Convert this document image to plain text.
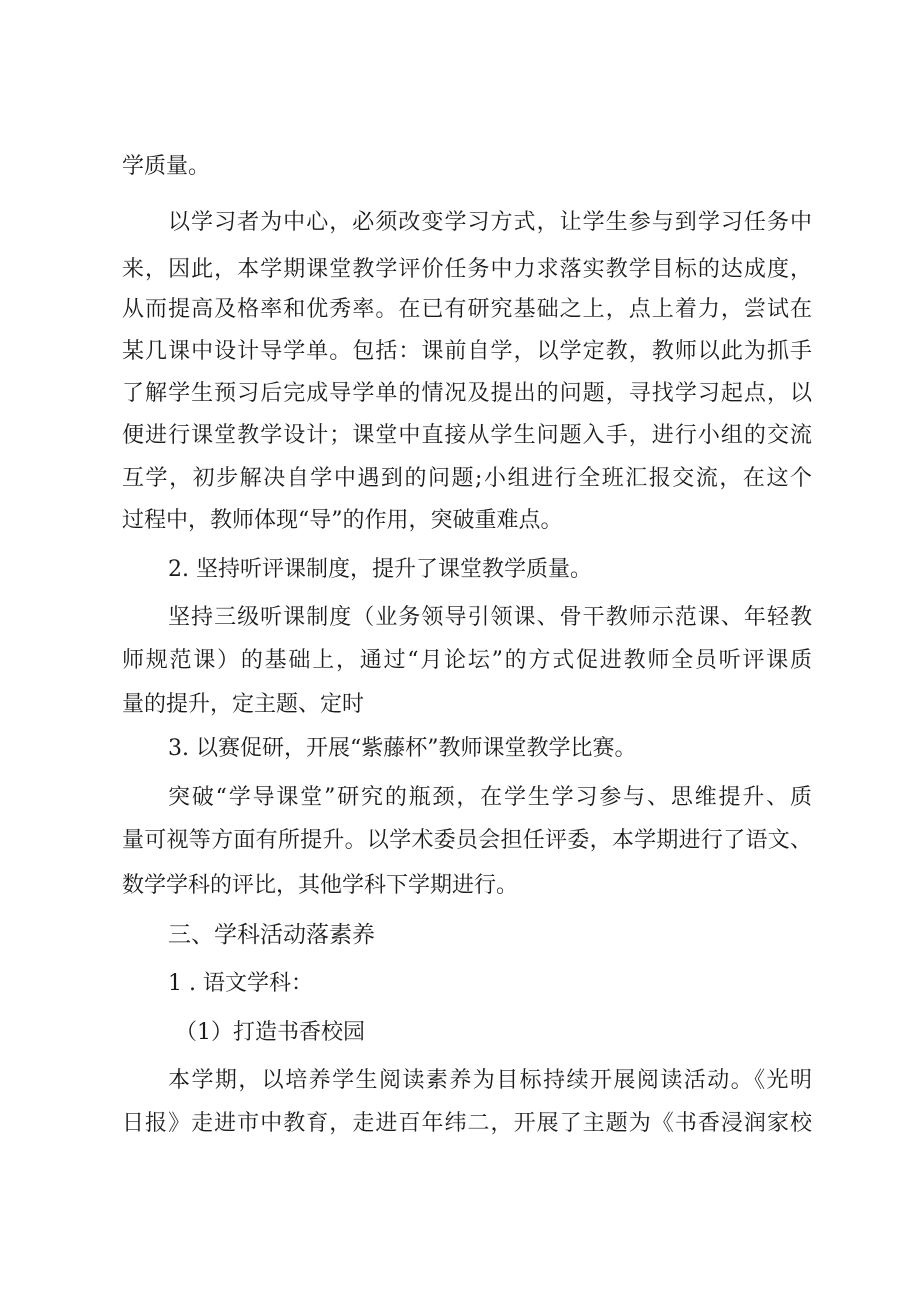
学质量。
以学习者为中心，必须改变学习方式，让学生参与到学习任务中
来，因此，本学期课堂教学评价任务中力求落实教学目标的达成度，
从而提高及格率和优秀率。在已有研究基础之上，点上着力，尝试在
某几课中设计导学单。包括：课前自学，以学定教，教师以此为抓手
了解学生预习后完成导学单的情况及提出的问题，寻找学习起点，以
便进行课堂教学设计；课堂中直接从学生问题入手，进行小组的交流
互学，初步解决自学中遇到的问题;小组进行全班汇报交流，在这个
过程中，教师体现“导”的作用，突破重难点。
2. 坚持听评课制度，提升了课堂教学质量。
坚持三级听课制度（业务领导引领课、骨干教师示范课、年轻教
师规范课）的基础上，通过“月论坛”的方式促进教师全员听评课质
量的提升，定主题、定时
3. 以赛促研，开展“紫藤杯”教师课堂教学比赛。
突破“学导课堂”研究的瓶颈，在学生学习参与、思维提升、质
量可视等方面有所提升。以学术委员会担任评委，本学期进行了语文、
数学学科的评比，其他学科下学期进行。
三、学科活动落素养
1 . 语文学科：
（1）打造书香校园
本学期，以培养学生阅读素养为目标持续开展阅读活动。《光明
日报》走进市中教育，走进百年纬二，开展了主题为《书香浸润家校
